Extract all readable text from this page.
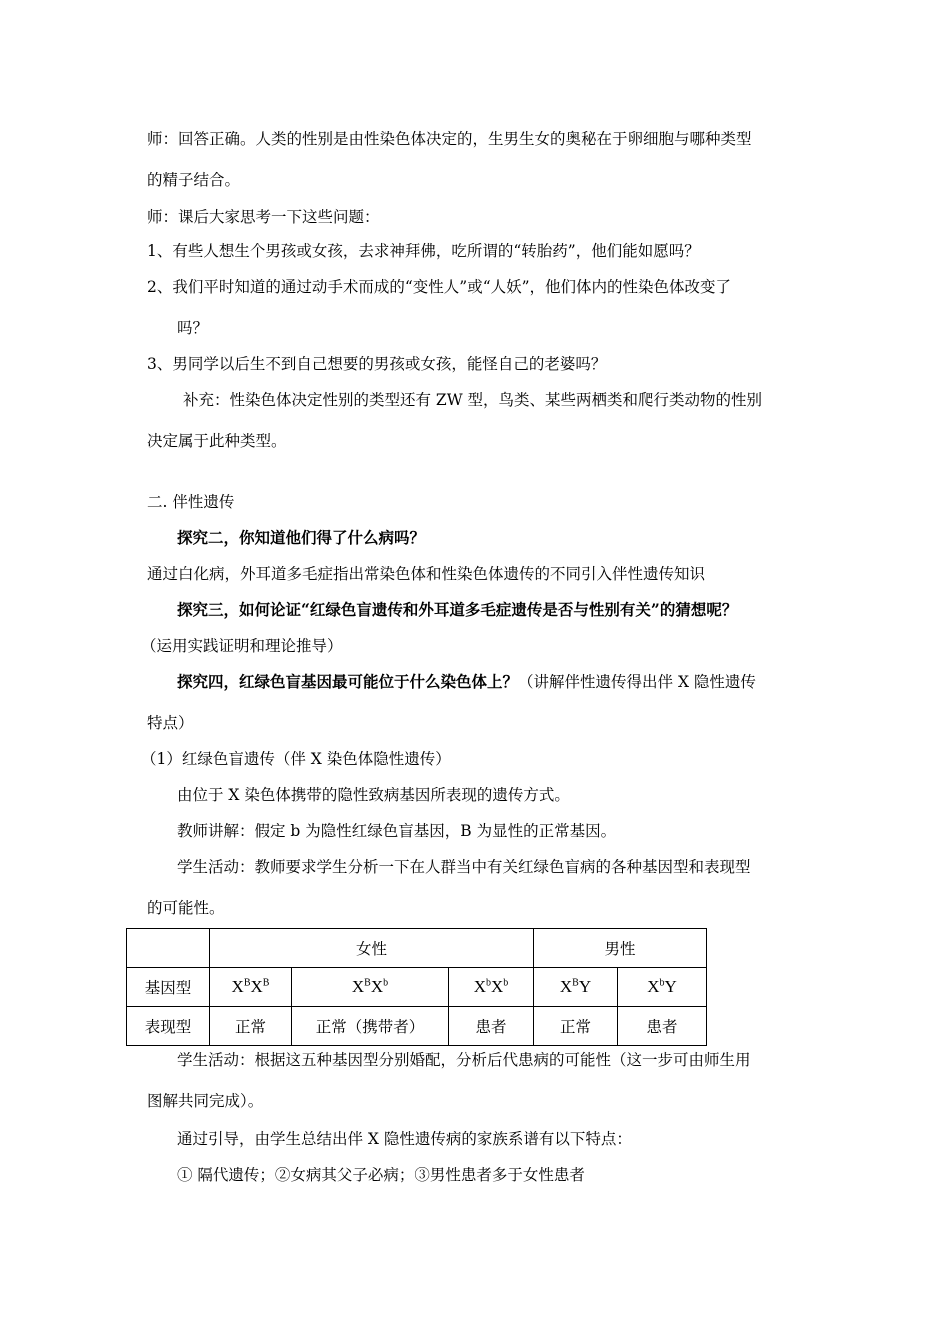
师：回答正确。人类的性别是由性染色体决定的，生男生女的奥秘在于卵细胞与哪种类型
的精子结合。
师：课后大家思考一下这些问题：
1、有些人想生个男孩或女孩，去求神拜佛，吃所谓的“转胎药”，他们能如愿吗？
2、我们平时知道的通过动手术而成的“变性人”或“人妖”，他们体内的性染色体改变了
吗？
3、男同学以后生不到自己想要的男孩或女孩，能怪自己的老婆吗？
补充：性染色体决定性别的类型还有 ZW 型，鸟类、某些两栖类和爬行类动物的性别
决定属于此种类型。
二. 伴性遗传
探究二，你知道他们得了什么病吗？
通过白化病，外耳道多毛症指出常染色体和性染色体遗传的不同引入伴性遗传知识
探究三，如何论证“红绿色盲遗传和外耳道多毛症遗传是否与性别有关”的猜想呢？
（运用实践证明和理论推导）
探究四，红绿色盲基因最可能位于什么染色体上？（讲解伴性遗传得出伴 X 隐性遗传
特点）
（1）红绿色盲遗传（伴 X 染色体隐性遗传）
由位于 X 染色体携带的隐性致病基因所表现的遗传方式。
教师讲解：假定 b 为隐性红绿色盲基因，B 为显性的正常基因。
学生活动：教师要求学生分析一下在人群当中有关红绿色盲病的各种基因型和表现型
的可能性。
	女性			男性	
基因型	$X^BX^B$	$X^BX^b$	$X^bX^b$	$X^BY$	$X^bY$
表现型	正常	正常（携带者）	患者	正常	患者
学生活动：根据这五种基因型分别婚配，分析后代患病的可能性（这一步可由师生用
图解共同完成）。
通过引导，由学生总结出伴 X 隐性遗传病的家族系谱有以下特点：
① 隔代遗传；②女病其父子必病；③男性患者多于女性患者
